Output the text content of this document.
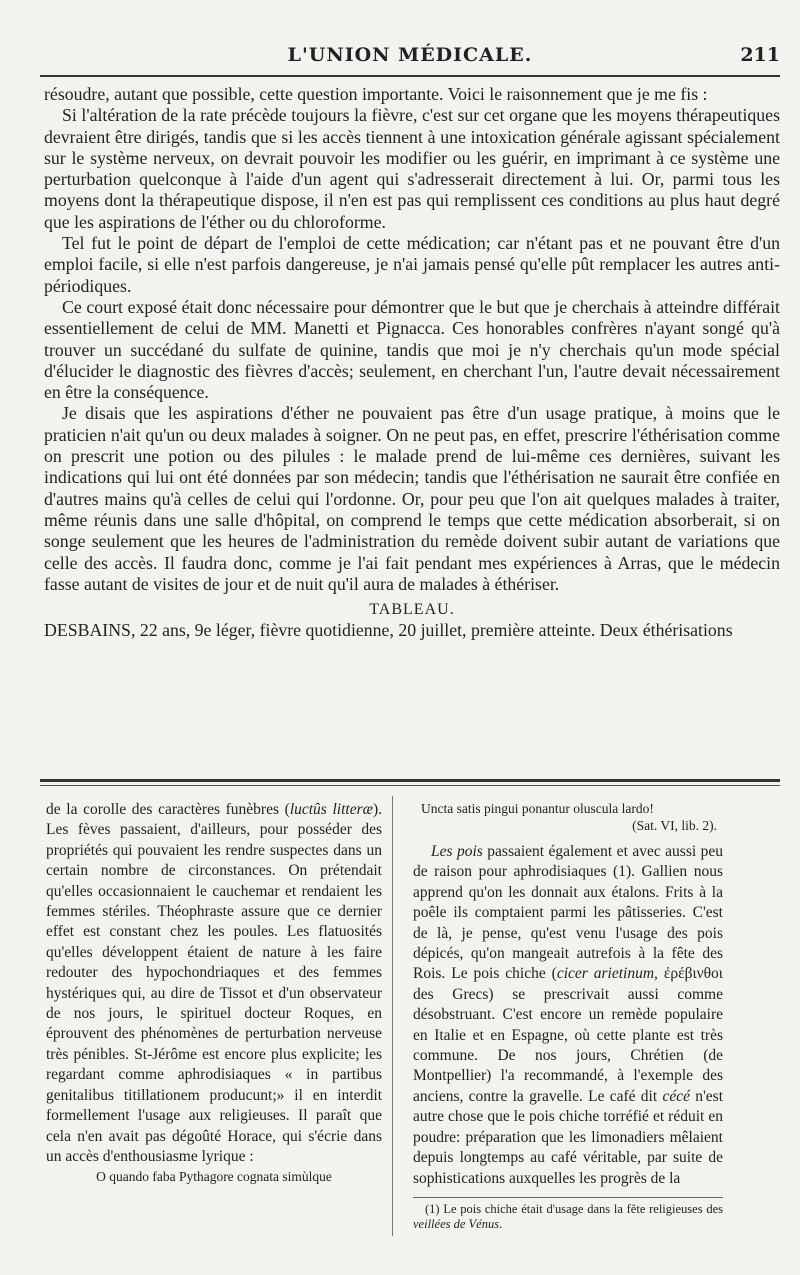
L'UNION MÉDICALE.	211

résoudre, autant que possible, cette question importante. Voici le raisonnement que je me fis :

Si l'altération de la rate précède toujours la fièvre, c'est sur cet organe que les moyens thérapeutiques devraient être dirigés, tandis que si les accès tiennent à une intoxication générale agissant spécialement sur le système nerveux, on devrait pouvoir les modifier ou les guérir, en imprimant à ce système une perturbation quelconque à l'aide d'un agent qui s'adresserait directement à lui. Or, parmi tous les moyens dont la thérapeutique dispose, il n'en est pas qui remplissent ces conditions au plus haut degré que les aspirations de l'éther ou du chloroforme.

Tel fut le point de départ de l'emploi de cette médication; car n'étant pas et ne pouvant être d'un emploi facile, si elle n'est parfois dangereuse, je n'ai jamais pensé qu'elle pût remplacer les autres anti-périodiques.

Ce court exposé était donc nécessaire pour démontrer que le but que je cherchais à atteindre différait essentiellement de celui de MM. Manetti et Pignacca. Ces honorables confrères n'ayant songé qu'à trouver un succédané du sulfate de quinine, tandis que moi je n'y cherchais qu'un mode spécial d'élucider le diagnostic des fièvres d'accès; seulement, en cherchant l'un, l'autre devait nécessairement en être la conséquence.

Je disais que les aspirations d'éther ne pouvaient pas être d'un usage pratique, à moins que le praticien n'ait qu'un ou deux malades à soigner. On ne peut pas, en effet, prescrire l'éthérisation comme on prescrit une potion ou des pilules : le malade prend de lui-même ces dernières, suivant les indications qui lui ont été données par son médecin; tandis que l'éthérisation ne saurait être confiée en d'autres mains qu'à celles de celui qui l'ordonne. Or, pour peu que l'on ait quelques malades à traiter, même réunis dans une salle d'hôpital, on comprend le temps que cette médication absorberait, si on songe seulement que les heures de l'administration du remède doivent subir autant de variations que celle des accès. Il faudra donc, comme je l'ai fait pendant mes expériences à Arras, que le médecin fasse autant de visites de jour et de nuit qu'il aura de malades à éthériser.

TABLEAU.

DESBAINS, 22 ans, 9e léger, fièvre quotidienne, 20 juillet, première atteinte. Deux éthérisations

de la corolle des caractères funèbres (luctûs litteræ). Les fèves passaient, d'ailleurs, pour posséder des propriétés qui pouvaient les rendre suspectes dans un certain nombre de circonstances. On prétendait qu'elles occasionnaient le cauchemar et rendaient les femmes stériles. Théophraste assure que ce dernier effet est constant chez les poules. Les flatuosités qu'elles développent étaient de nature à les faire redouter des hypochondriaques et des femmes hystériques qui, au dire de Tissot et d'un observateur de nos jours, le spirituel docteur Roques, en éprouvent des phénomènes de perturbation nerveuse très pénibles. St-Jérôme est encore plus explicite; les regardant comme aphrodisiaques « in partibus genitalibus titillationem producunt;» il en interdit formellement l'usage aux religieuses. Il paraît que cela n'en avait pas dégoûté Horace, qui s'écrie dans un accès d'enthousiasme lyrique :

O quando faba Pythagore cognata simùlque

Uncta satis pingui ponantur oluscula lardo!
(Sat. VI, lib. 2).

Les pois passaient également et avec aussi peu de raison pour aphrodisiaques (1). Gallien nous apprend qu'on les donnait aux étalons. Frits à la poêle ils comptaient parmi les pâtisseries. C'est de là, je pense, qu'est venu l'usage des pois dépicés, qu'on mangeait autrefois à la fête des Rois. Le pois chiche (cicer arietinum, ἐρέβινθοι des Grecs) se prescrivait aussi comme désobstruant. C'est encore un remède populaire en Italie et en Espagne, où cette plante est très commune. De nos jours, Chrétien (de Montpellier) l'a recommandé, à l'exemple des anciens, contre la gravelle. Le café dit cécé n'est autre chose que le pois chiche torréfié et réduit en poudre: préparation que les limonadiers mêlaient depuis longtemps au café véritable, par suite de sophistications auxquelles les progrès de la

(1) Le pois chiche était d'usage dans la fête religieuses des veillées de Vénus.
